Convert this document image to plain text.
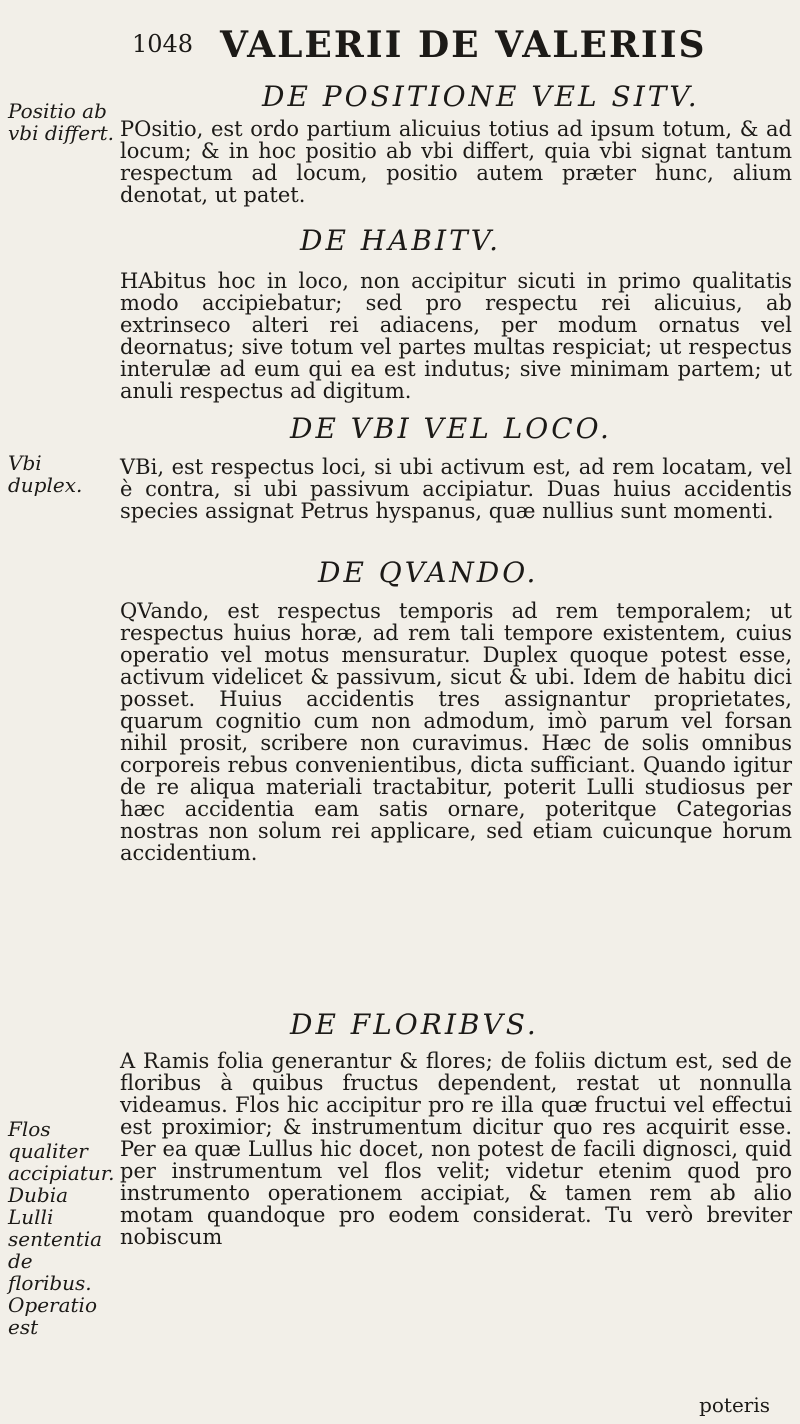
1048 VALERII DE VALERIIS
DE POSITIONE VEL SITV.
Positio ab vbi differt. POsitio, est ordo partium alicuius totius ad ipsum totum, & ad locum; & in hoc positio ab vbi differt, quia vbi signat tantum respectum ad locum, positio autem præter hunc, alium denotat, ut patet.
DE HABITV.
HAbitus hoc in loco, non accipitur sicuti in primo qualitatis modo accipiebatur; sed pro respectu rei alicuius, ab extrinseco alteri rei adiacens, per modum ornatus vel deornatus; sive totum vel partes multas respiciat; ut respectus interulæ ad eum qui ea est indutus; sive minimam partem; ut anuli respectus ad digitum.
DE VBI VEL LOCO.
Vbi duplex.
VBi, est respectus loci, si ubi activum est, ad rem locatam, vel è contra, si ubi passivum accipiatur. Duas huius accidentis species assignat Petrus hyspanus, quæ nullius sunt momenti.
DE QVANDO.
QVando, est respectus temporis ad rem temporalem; ut respectus huius horæ, ad rem tali tempore existentem, cuius operatio vel motus mensuratur. Duplex quoque potest esse, activum videlicet & passivum, sicut & ubi. Idem de habitu dici posset. Huius accidentis tres assignantur proprietates, quarum cognitio cum non admodum, imò parum vel forsan nihil prosit, scribere non curavimus. Hæc de solis omnibus corporeis rebus convenientibus, dicta sufficiant. Quando igitur de re aliqua materiali tractabitur, poterit Lulli studiosus per hæc accidentia eam satis ornare, poteritque Categorias nostras non solum rei applicare, sed etiam cuicunque horum accidentium.
DE FLORIBVS.
Flos qualiter accipiatur. Dubia Lulli sententia de floribus. Operatio est
A Ramis folia generantur & flores; de foliis dictum est, sed de floribus à quibus fructus dependent, restat ut nonnulla videamus. Flos hic accipitur pro re illa quæ fructui vel effectui est proximior; & instrumentum dicitur quo res acquirit esse. Per ea quæ Lullus hic docet, non potest de facili dignosci, quid per instrumentum vel flos velit; videtur etenim quod pro instrumento operationem accipiat, & tamen rem ab alio motam quandoque pro eodem considerat. Tu verò breviter nobiscum
poteris
